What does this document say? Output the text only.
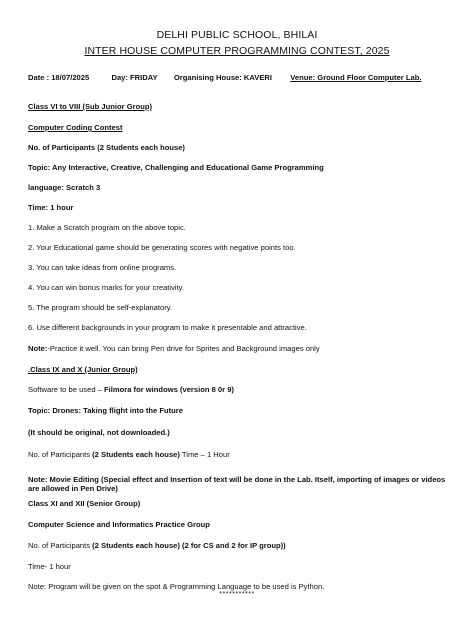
DELHI PUBLIC SCHOOL, BHILAI
INTER HOUSE COMPUTER PROGRAMMING CONTEST, 2025
Date : 18/07/2025	Day: FRIDAY Organising House: KAVERI Venue: Ground Floor Computer Lab.
Class VI to VIII (Sub Junior Group)
Computer Coding Contest
No. of Participants (2 Students each house)
Topic: Any Interactive, Creative, Challenging and Educational Game Programming
language: Scratch 3
Time: 1 hour
1. Make a Scratch program on the above topic.
2. Your Educational game should be generating scores with negative points too.
3. You can take ideas from online programs.
4. You can win bonus marks for your creativity.
5. The program should be self-explanatory.
6. Use different backgrounds in your program to make it presentable and attractive.
Note:-Practice it well. You can bring Pen drive for Sprites and Background images only
.Class IX and X (Junior Group)
Software to be used – Filmora for windows (version 8 0r 9)
Topic: Drones: Taking flight into the Future
(It should be original, not downloaded.)
No. of Participants (2 Students each house) Time – 1 Hour
Note: Movie Editing (Special effect and Insertion of text will be done in the Lab. Itself, importing of images or videos are allowed in Pen Drive)
Class XI and XII (Senior Group)
Computer Science and Informatics Practice Group
No. of Participants (2 Students each house) (2 for CS and 2 for IP group))
Time- 1 hour
Note: Program will be given on the spot & Programming Language to be used is Python.
***********
